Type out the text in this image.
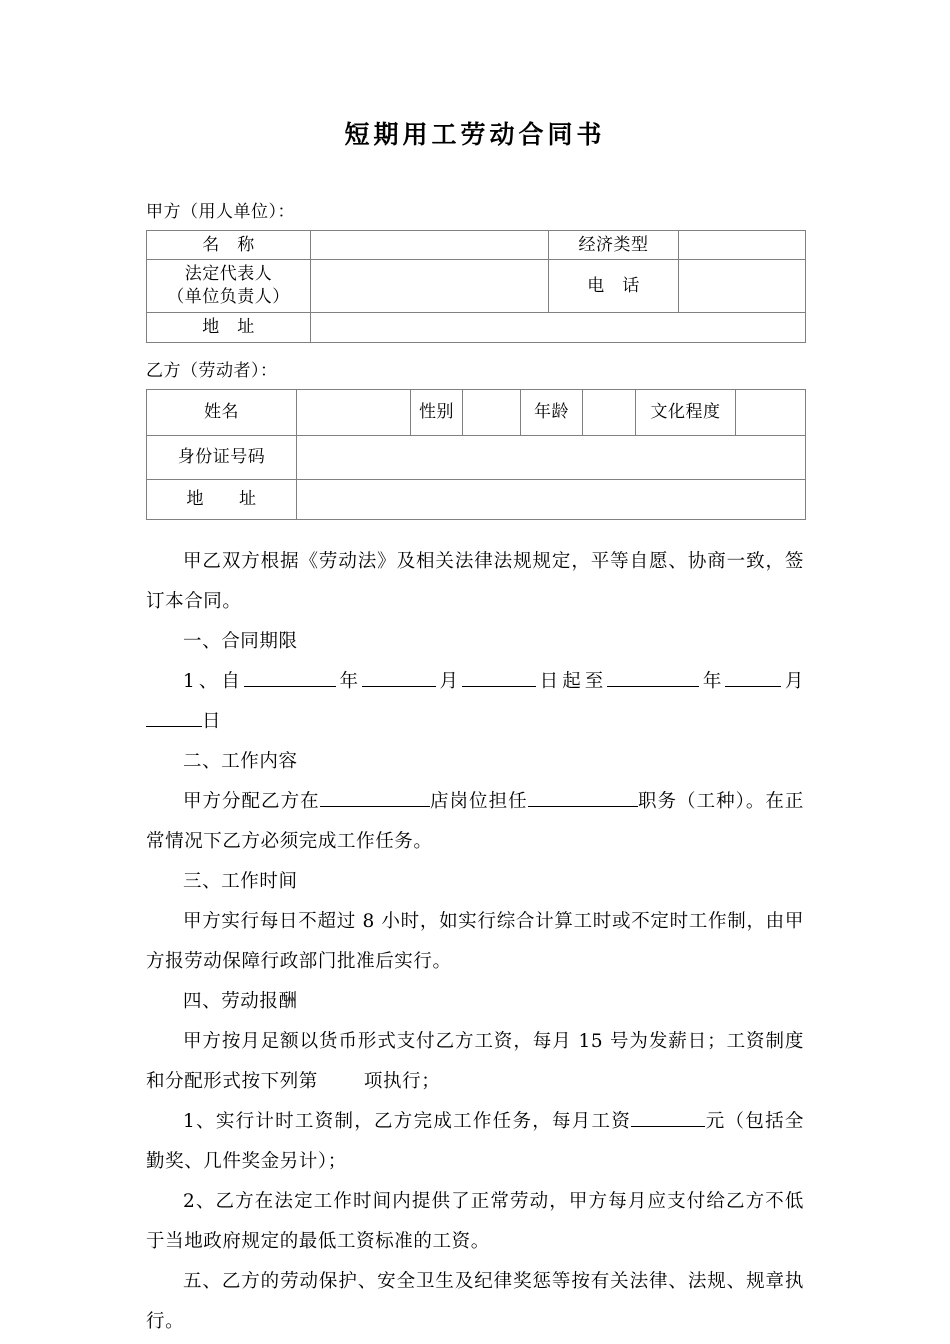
短期用工劳动合同书

甲方（用人单位）：

名　称		经济类型	

法定代表人
（单位负责人）		电　话	
地　址			

乙方（劳动者）：

姓名		性别		年龄		文化程度	
身份证号码							
地　　址							

甲乙双方根据《劳动法》及相关法律法规规定，平等自愿、协商一致，签订本合同。

一、合同期限

1、自	年	月	日起至	年	月日

二、工作内容

甲方分配乙方在	店岗位担任	职务（工种）。在正常情况下乙方必须完成工作任务。

三、工作时间

甲方实行每日不超过 8 小时，如实行综合计算工时或不定时工作制，由甲方报劳动保障行政部门批准后实行。

四、劳动报酬

甲方按月足额以货币形式支付乙方工资，每月 15 号为发薪日；工资制度和分配形式按下列第 项执行；

1、实行计时工资制，乙方完成工作任务，每月工资	元（包括全勤奖、几件奖金另计）；

2、乙方在法定工作时间内提供了正常劳动，甲方每月应支付给乙方不低于当地政府规定的最低工资标准的工资。

五、乙方的劳动保护、安全卫生及纪律奖惩等按有关法律、法规、规章执行。
